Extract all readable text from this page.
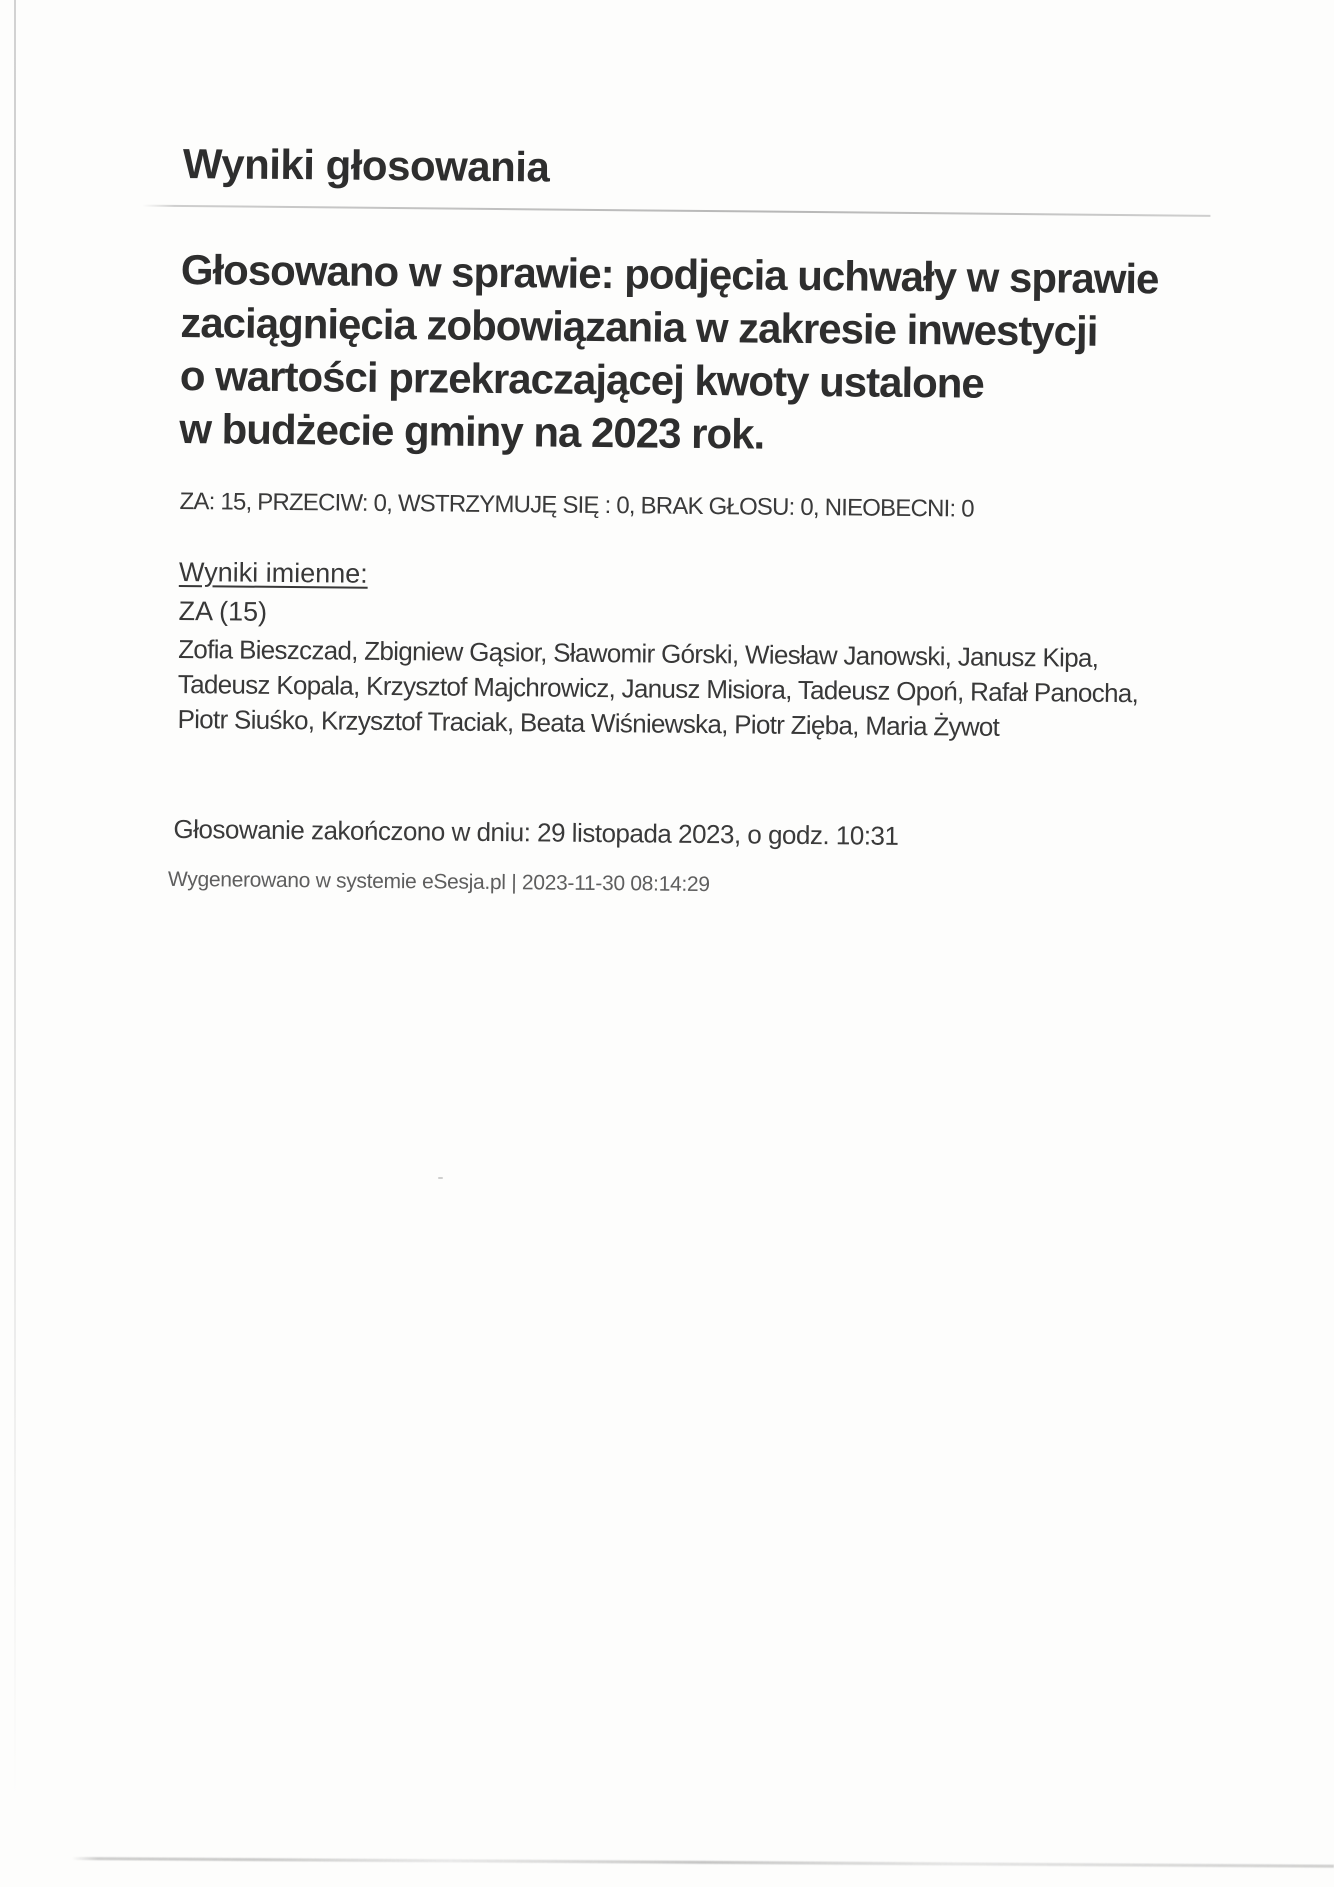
Wyniki głosowania
Głosowano w sprawie: podjęcia uchwały w sprawie
zaciągnięcia zobowiązania w zakresie inwestycji
o wartości przekraczającej kwoty ustalone
w budżecie gminy na 2023 rok.
ZA: 15, PRZECIW: 0, WSTRZYMUJĘ SIĘ : 0, BRAK GŁOSU: 0, NIEOBECNI: 0
Wyniki imienne:
ZA (15)
Zofia Bieszczad, Zbigniew Gąsior, Sławomir Górski, Wiesław Janowski, Janusz Kipa,
Tadeusz Kopala, Krzysztof Majchrowicz, Janusz Misiora, Tadeusz Opoń, Rafał Panocha,
Piotr Siuśko, Krzysztof Traciak, Beata Wiśniewska, Piotr Zięba, Maria Żywot
Głosowanie zakończono w dniu: 29 listopada 2023, o godz. 10:31
Wygenerowano w systemie eSesja.pl | 2023-11-30 08:14:29
